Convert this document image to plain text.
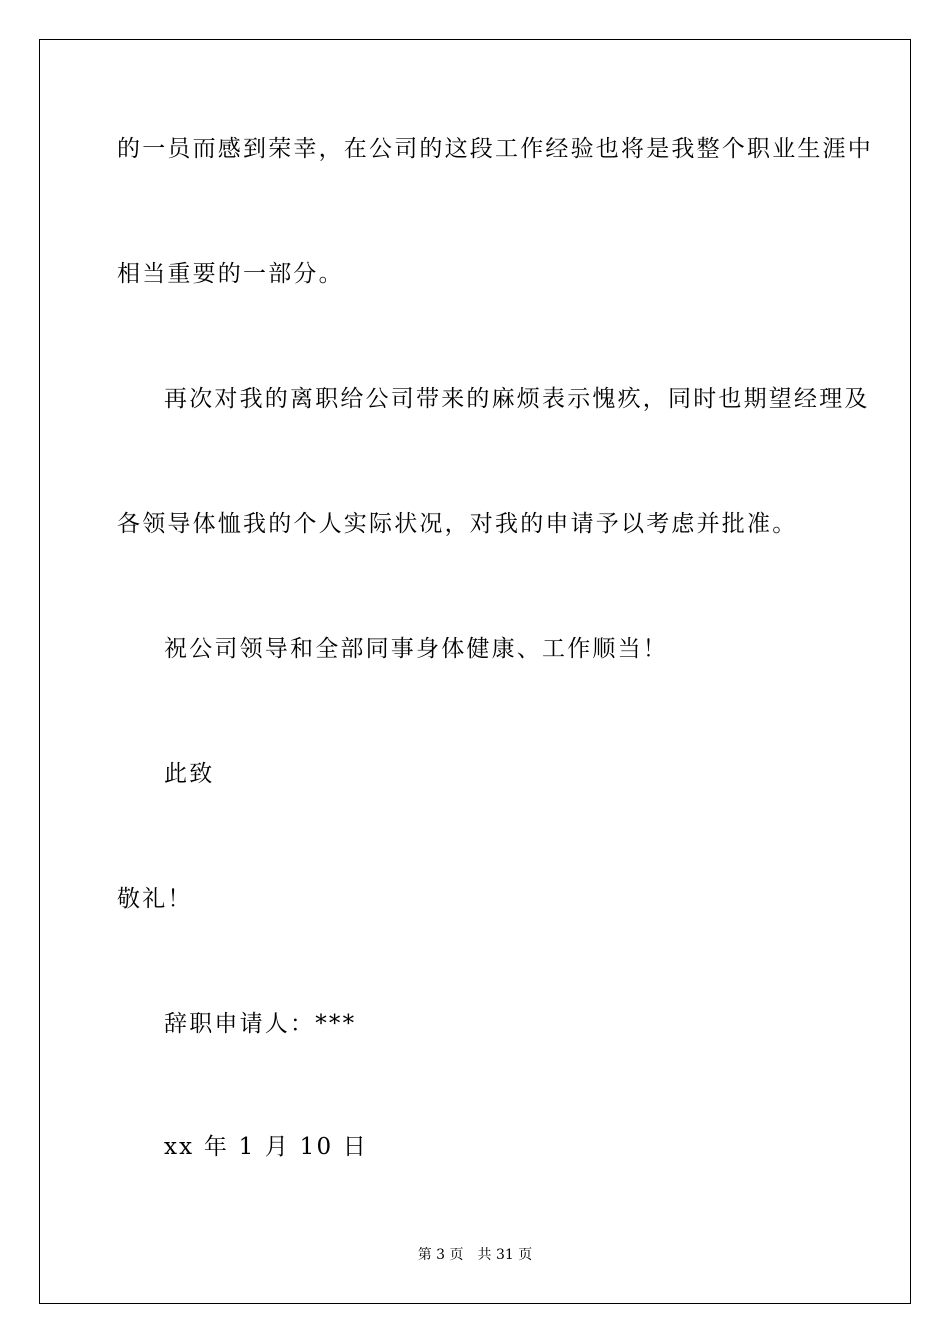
的一员而感到荣幸，在公司的这段工作经验也将是我整个职业生涯中
相当重要的一部分。
再次对我的离职给公司带来的麻烦表示愧疚，同时也期望经理及
各领导体恤我的个人实际状况，对我的申请予以考虑并批准。
祝公司领导和全部同事身体健康、工作顺当！
此致
敬礼！
辞职申请人：***
xx 年 1 月 10 日
第 3 页 共 31 页
